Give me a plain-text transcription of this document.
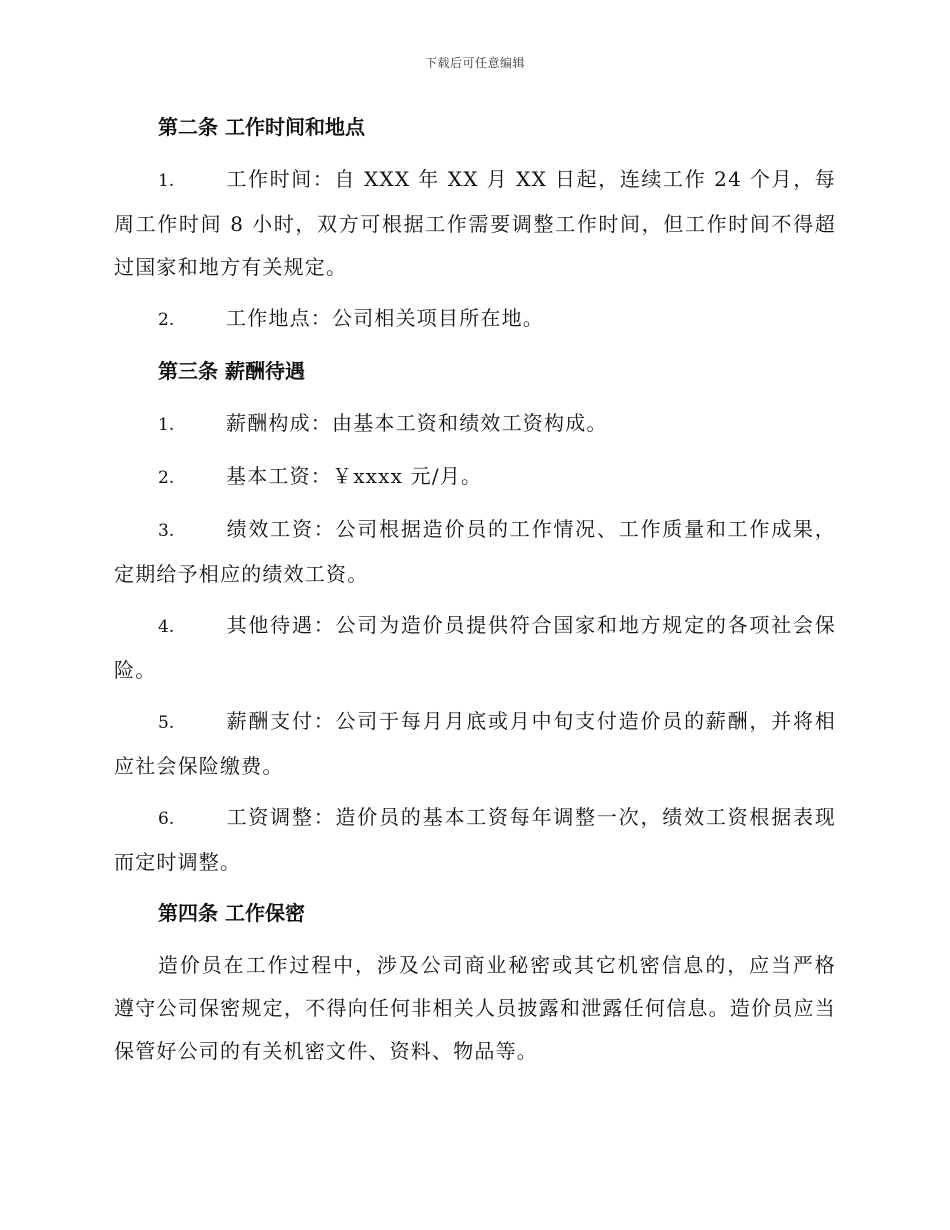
下载后可任意编辑
第二条 工作时间和地点
1.	工作时间：自 XXX 年 XX 月 XX 日起，连续工作 24 个月，每周工作时间 8 小时，双方可根据工作需要调整工作时间，但工作时间不得超过国家和地方有关规定。
2.	工作地点：公司相关项目所在地。
第三条 薪酬待遇
1.	薪酬构成：由基本工资和绩效工资构成。
2.	基本工资：￥xxxx 元/月。
3.	绩效工资：公司根据造价员的工作情况、工作质量和工作成果，定期给予相应的绩效工资。
4.	其他待遇：公司为造价员提供符合国家和地方规定的各项社会保险。
5.	薪酬支付：公司于每月月底或月中旬支付造价员的薪酬，并将相应社会保险缴费。
6.	工资调整：造价员的基本工资每年调整一次，绩效工资根据表现而定时调整。
第四条 工作保密

造价员在工作过程中，涉及公司商业秘密或其它机密信息的，应当严格遵守公司保密规定，不得向任何非相关人员披露和泄露任何信息。造价员应当保管好公司的有关机密文件、资料、物品等。
